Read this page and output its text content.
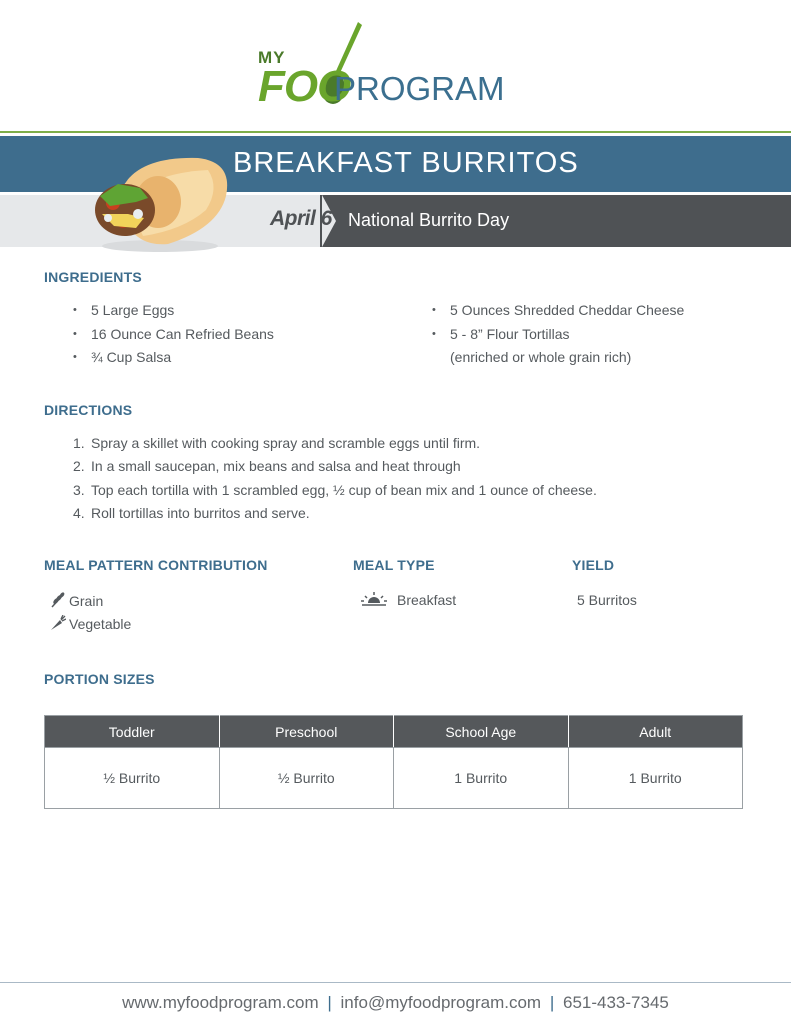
MY
FOO
PROGRAM
BREAKFAST BURRITOS
April 6 National Burrito Day
INGREDIENTS
• 5 Large Eggs
• 16 Ounce Can Refried Beans
• ¾ Cup Salsa
• 5 Ounces Shredded Cheddar Cheese
• 5 - 8” Flour Tortillas
(enriched or whole grain rich)
DIRECTIONS
1. Spray a skillet with cooking spray and scramble eggs until firm.
2. In a small saucepan, mix beans and salsa and heat through
3. Top each tortilla with 1 scrambled egg, ½ cup of bean mix and 1 ounce of cheese.
4. Roll tortillas into burritos and serve.
MEAL PATTERN CONTRIBUTION
Grain
Vegetable
MEAL TYPE
Breakfast
YIELD
5 Burritos
PORTION SIZES
Toddler	Preschool	School Age	Adult
½ Burrito	½ Burrito	1 Burrito	1 Burrito
www.myfoodprogram.com | info@myfoodprogram.com | 651-433-7345
